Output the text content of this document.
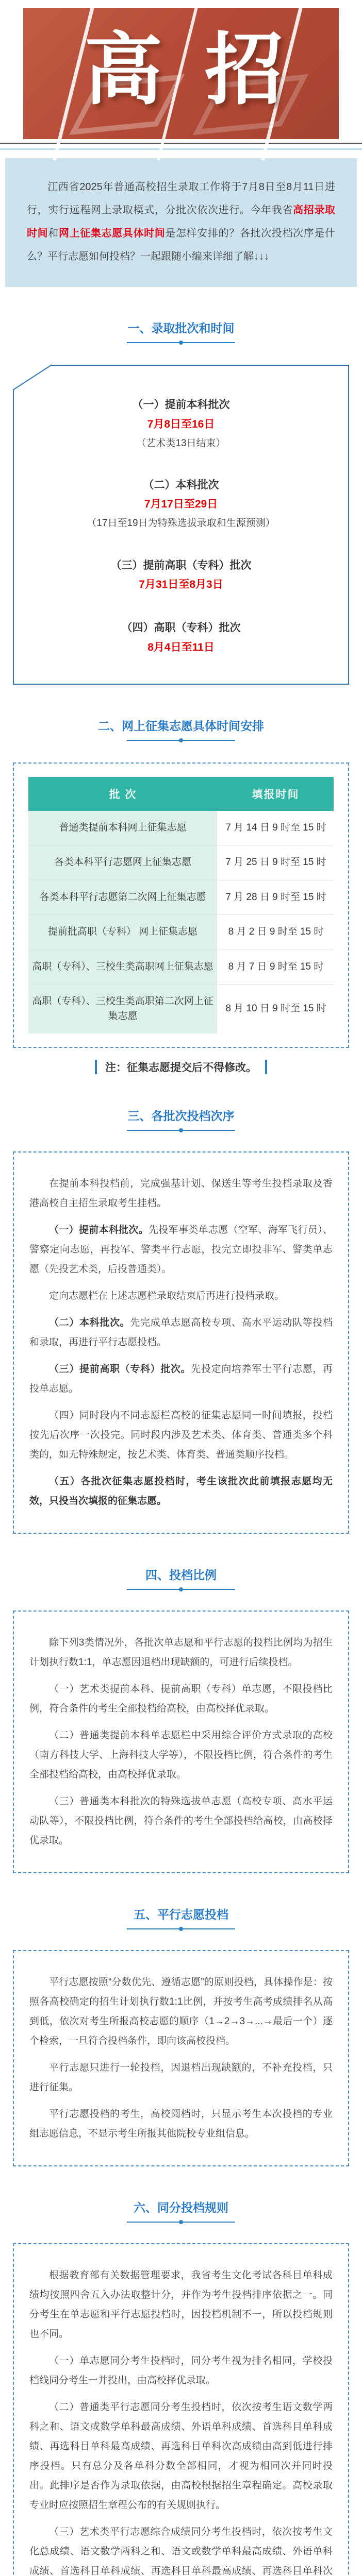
高 招

江西省2025年普通高校招生录取工作将于7月8日至8月11日进行，实行远程网上录取模式，分批次依次进行。今年我省高招录取时间和网上征集志愿具体时间是怎样安排的？各批次投档次序是什么？平行志愿如何投档？一起跟随小编来详细了解↓↓↓

一、录取批次和时间
（一）提前本科批次
7月8日至16日
（艺术类13日结束）
（二）本科批次
7月17日至29日
（17日至19日为特殊选拔录取和生源预测）
（三）提前高职（专科）批次
7月31日至8月3日
（四）高职（专科）批次
8月4日至11日
二、网上征集志愿具体时间安排
批 次	填报时间
普通类提前本科网上征集志愿	7 月 14 日 9 时至 15 时
各类本科平行志愿网上征集志愿	7 月 25 日 9 时至 15 时
各类本科平行志愿第二次网上征集志愿	7 月 28 日 9 时至 15 时
提前批高职（专科） 网上征集志愿	8 月 2 日 9 时至 15 时
高职（专科）、三校生类高职网上征集志愿	8 月 7 日 9 时至 15 时
高职（专科）、三校生类高职第二次网上征集志愿	8 月 10 日 9 时至 15 时

注：征集志愿提交后不得修改。

三、各批次投档次序

在提前本科投档前，完成强基计划、保送生等考生投档录取及香港高校自主招生录取考生挂档。

（一）提前本科批次。先投军事类单志愿（空军、海军飞行员）、警察定向志愿，再投军、警类平行志愿，投完立即投非军、警类单志愿（先投艺术类，后投普通类）。

定向志愿栏在上述志愿栏录取结束后再进行投档录取。

（二）本科批次。先完成单志愿高校专项、高水平运动队等投档和录取，再进行平行志愿投档。

（三）提前高职（专科）批次。先投定向培养军士平行志愿，再投单志愿。

（四）同时段内不同志愿栏高校的征集志愿同一时间填报，投档按先后次序一次投完。同时段内涉及艺术类、体育类、普通类多个科类的，如无特殊规定，按艺术类、体育类、普通类顺序投档。

（五）各批次征集志愿投档时，考生该批次此前填报志愿均无效，只投当次填报的征集志愿。

四、投档比例

除下列3类情况外，各批次单志愿和平行志愿的投档比例均为招生计划执行数1:1，单志愿因退档出现缺额的，可进行后续投档。

（一）艺术类提前本科、提前高职（专科）单志愿，不限投档比例，符合条件的考生全部投档给高校，由高校择优录取。

（二）普通类提前本科单志愿栏中采用综合评价方式录取的高校（南方科技大学、上海科技大学等），不限投档比例，符合条件的考生全部投档给高校，由高校择优录取。

（三）普通类本科批次的特殊选拔单志愿（高校专项、高水平运动队等），不限投档比例，符合条件的考生全部投档给高校，由高校择优录取。

五、平行志愿投档

平行志愿按照“分数优先、遵循志愿”的原则投档，具体操作是：按照各高校确定的招生计划执行数1:1比例，并按考生高考成绩排名从高到低，依次对考生所报高校志愿的顺序（1→2→3→...→最后一个）逐个检索，一旦符合投档条件，即向该高校投档。

平行志愿只进行一轮投档，因退档出现缺额的，不补充投档，只进行征集。

平行志愿投档的考生，高校阅档时，只显示考生本次投档的专业组志愿信息，不显示考生所报其他院校专业组信息。

六、同分投档规则

根据教育部有关数据管理要求，我省考生文化考试各科目单科成绩均按照四舍五入办法取整计分，并作为考生投档排序依据之一。同分考生在单志愿和平行志愿投档时，因投档机制不一，所以投档规则也不同。

（一）单志愿同分考生投档时，同分考生视为排名相同，学校投档线同分考生一并投出，由高校择优录取。

（二）普通类平行志愿同分考生投档时，依次按考生语文数学两科之和、语文或数学单科最高成绩、外语单科成绩、首选科目单科成绩、再选科目单科最高成绩、再选科目单科次高成绩由高到低进行排序投档。只有总分及各单科分数全部相同，才视为相同次并同时投出。此排序是否作为录取依据，由高校根据招生章程确定。高校录取专业时应按照招生章程公布的有关规则执行。

（三）艺术类平行志愿综合成绩同分考生投档时，依次按考生文化总成绩、语文数学两科之和、语文或数学单科最高成绩、外语单科成绩、首选科目单科成绩、再选科目单科最高成绩、再选科目单科次
